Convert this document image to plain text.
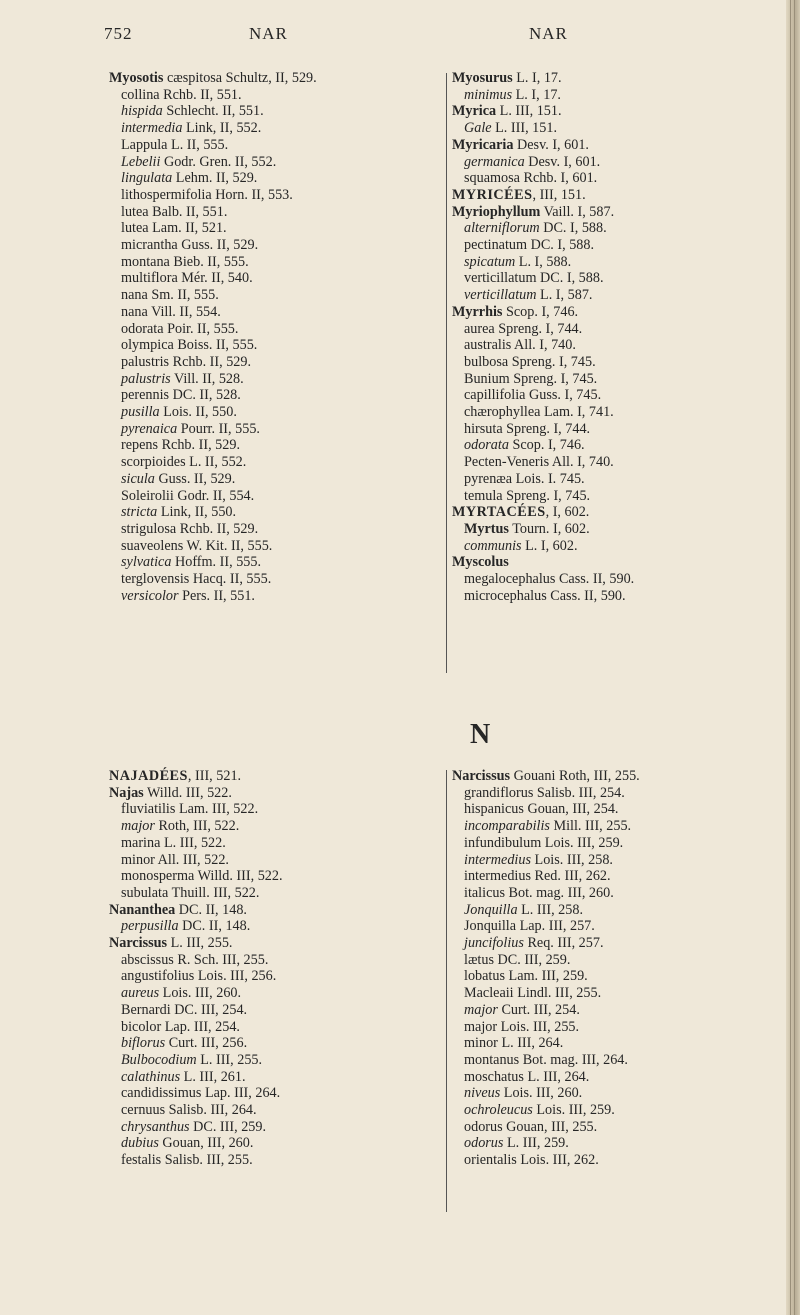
752	NAR	NAR
Myosotis cæspitosa Schultz, II, 529.
collina Rchb. II, 551.
hispida Schlecht. II, 551.
intermedia Link, II, 552.
Lappula L. II, 555.
Lebelii Godr. Gren. II, 552.
lingulata Lehm. II, 529.
lithospermifolia Horn. II, 553.
lutea Balb. II, 551.
lutea Lam. II, 521.
micrantha Guss. II, 529.
montana Bieb. II, 555.
multiflora Mér. II, 540.
nana Sm. II, 555.
nana Vill. II, 554.
odorata Poir. II, 555.
olympica Boiss. II, 555.
palustris Rchb. II, 529.
palustris Vill. II, 528.
perennis DC. II, 528.
pusilla Lois. II, 550.
pyrenaica Pourr. II, 555.
repens Rchb. II, 529.
scorpioides L. II, 552.
sicula Guss. II, 529.
Soleirolii Godr. II, 554.
stricta Link, II, 550.
strigulosa Rchb. II, 529.
suaveolens W. Kit. II, 555.
sylvatica Hoffm. II, 555.
terglovensis Hacq. II, 555.
versicolor Pers. II, 551.
Myosurus L. I, 17.
minimus L. I, 17.
Myrica L. III, 151.
Gale L. III, 151.
Myricaria Desv. I, 601.
germanica Desv. I, 601.
squamosa Rchb. I, 601.
MYRICÉES, III, 151.
Myriophyllum Vaill. I, 587.
alterniflorum DC. I, 588.
pectinatum DC. I, 588.
spicatum L. I, 588.
verticillatum DC. I, 588.
verticillatum L. I, 587.
Myrrhis Scop. I, 746.
aurea Spreng. I, 744.
australis All. I, 740.
bulbosa Spreng. I, 745.
Bunium Spreng. I, 745.
capillifolia Guss. I, 745.
chærophyllea Lam. I, 741.
hirsuta Spreng. I, 744.
odorata Scop. I, 746.
Pecten-Veneris All. I, 740.
pyrenæa Lois. I. 745.
temula Spreng. I, 745.
MYRTACÉES, I, 602.
Myrtus Tourn. I, 602.
communis L. I, 602.
Myscolus
megalocephalus Cass. II, 590.
microcephalus Cass. II, 590.
N
NAJADÉES, III, 521.
Najas Willd. III, 522.
fluviatilis Lam. III, 522.
major Roth, III, 522.
marina L. III, 522.
minor All. III, 522.
monosperma Willd. III, 522.
subulata Thuill. III, 522.
Nananthea DC. II, 148.
perpusilla DC. II, 148.
Narcissus L. III, 255.
abscissus R. Sch. III, 255.
angustifolius Lois. III, 256.
aureus Lois. III, 260.
Bernardi DC. III, 254.
bicolor Lap. III, 254.
biflorus Curt. III, 256.
Bulbocodium L. III, 255.
calathinus L. III, 261.
candidissimus Lap. III, 264.
cernuus Salisb. III, 264.
chrysanthus DC. III, 259.
dubius Gouan, III, 260.
festalis Salisb. III, 255.
Narcissus Gouani Roth, III, 255.
grandiflorus Salisb. III, 254.
hispanicus Gouan, III, 254.
incomparabilis Mill. III, 255.
infundibulum Lois. III, 259.
intermedius Lois. III, 258.
intermedius Red. III, 262.
italicus Bot. mag. III, 260.
Jonquilla L. III, 258.
Jonquilla Lap. III, 257.
juncifolius Req. III, 257.
lætus DC. III, 259.
lobatus Lam. III, 259.
Macleaii Lindl. III, 255.
major Curt. III, 254.
major Lois. III, 255.
minor L. III, 264.
montanus Bot. mag. III, 264.
moschatus L. III, 264.
niveus Lois. III, 260.
ochroleucus Lois. III, 259.
odorus Gouan, III, 255.
odorus L. III, 259.
orientalis Lois. III, 262.
